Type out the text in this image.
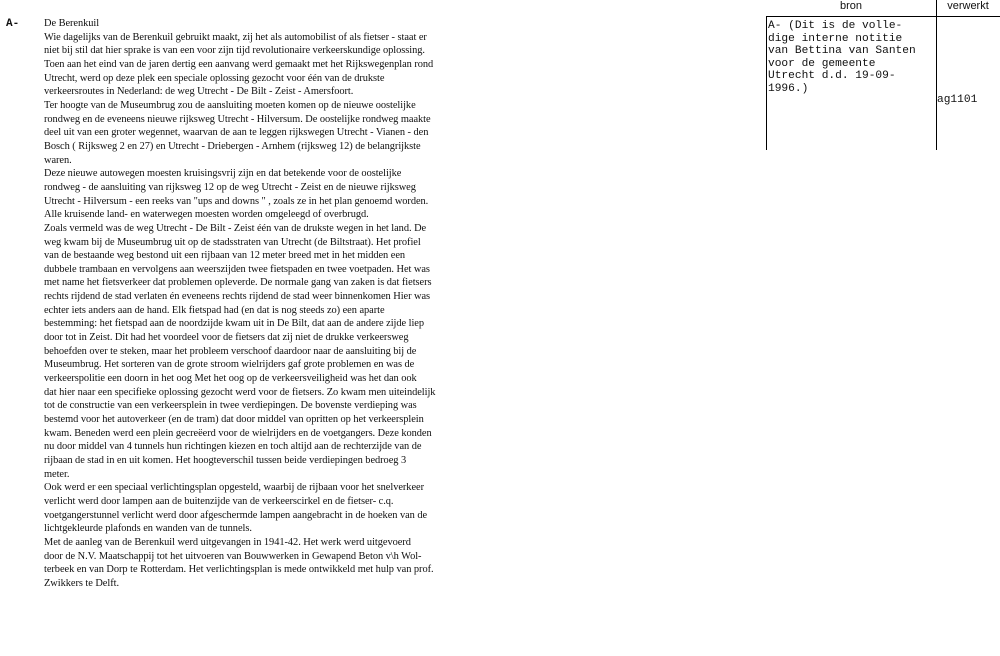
A- De Berenkuil
Wie dagelijks van de Berenkuil gebruikt maakt, zij het als automobilist of als fietser - staat er
niet bij stil dat hier sprake is van een voor zijn tijd revolutionaire verkeerskundige oplossing.
Toen aan het eind van de jaren dertig een aanvang werd gemaakt met het Rijkswegenplan rond
Utrecht, werd op deze plek een speciale oplossing gezocht voor één van de drukste
verkeersroutes in Nederland: de weg Utrecht - De Bilt - Zeist - Amersfoort.
Ter hoogte van de Museumbrug zou de aansluiting moeten komen op de nieuwe oostelijke
rondweg en de eveneens nieuwe rijksweg Utrecht - Hilversum. De oostelijke rondweg maakte
deel uit van een groter wegennet, waarvan de aan te leggen rijkswegen Utrecht - Vianen - den
Bosch ( Rijksweg 2 en 27) en Utrecht - Driebergen - Arnhem (rijksweg 12) de belangrijkste
waren.
Deze nieuwe autowegen moesten kruisingsvrij zijn en dat betekende voor de oostelijke
rondweg - de aansluiting van rijksweg 12 op de weg Utrecht - Zeist en de nieuwe rijksweg
Utrecht - Hilversum - een reeks van "ups and downs " , zoals ze in het plan genoemd worden.
Alle kruisende land- en waterwegen moesten worden omgeleegd of overbrugd.
Zoals vermeld was de weg Utrecht - De Bilt - Zeist één van de drukste wegen in het land. De
weg kwam bij de Museumbrug uit op de stadsstraten van Utrecht (de Biltstraat). Het profiel
van de bestaande weg bestond uit een rijbaan van 12 meter breed met in het midden een
dubbele trambaan en vervolgens aan weerszijden twee fietspaden en twee voetpaden. Het was
met name het fietsverkeer dat problemen opleverde. De normale gang van zaken is dat fietsers
rechts rijdend de stad verlaten én eveneens rechts rijdend de stad weer binnenkomen Hier was
echter iets anders aan de hand. Elk fietspad had (en dat is nog steeds zo) een aparte
bestemming: het fietspad aan de noordzijde kwam uit in De Bilt, dat aan de andere zijde liep
door tot in Zeist. Dit had het voordeel voor de fietsers dat zij niet de drukke verkeersweg
behoefden over te steken, maar het probleem verschoof daardoor naar de aansluiting bij de
Museumbrug. Het sorteren van de grote stroom wielrijders gaf grote problemen en was de
verkeerspolitie een doorn in het oog Met het oog op de verkeersveiligheid was het dan ook
dat hier naar een specifieke oplossing gezocht werd voor de fietsers. Zo kwam men uiteindelijk
tot de constructie van een verkeersplein in twee verdiepingen. De bovenste verdieping was
bestemd voor het autoverkeer (en de tram) dat door middel van opritten op het verkeersplein
kwam. Beneden werd een plein gecreëerd voor de wielrijders en de voetgangers. Deze konden
nu door middel van 4 tunnels hun richtingen kiezen en toch altijd aan de rechterzijde van de
rijbaan de stad in en uit komen. Het hoogteverschil tussen beide verdiepingen bedroeg 3
meter.
Ook werd er een speciaal verlichtingsplan opgesteld, waarbij de rijbaan voor het snelverkeer
verlicht werd door lampen aan de buitenzijde van de verkeerscirkel en de fietser- c.q.
voetgangerstunnel verlicht werd door afgeschermde lampen aangebracht in de hoeken van de
lichtgekleurde plafonds en wanden van de tunnels.
Met de aanleg van de Berenkuil werd uitgevangen in 1941-42. Het werk werd uitgevoerd
door de N.V. Maatschappij tot het uitvoeren van Bouwwerken in Gewapend Beton v\h Wol-
terbeek en van Dorp te Rotterdam. Het verlichtingsplan is mede ontwikkeld met hulp van prof.
Zwikkers te Delft.
bron	verwerkt
A- (Dit is de volle-
dige interne notitie
van Bettina van Santen
voor de gemeente
Utrecht d.d. 19-09-
1996.)
ag1101
